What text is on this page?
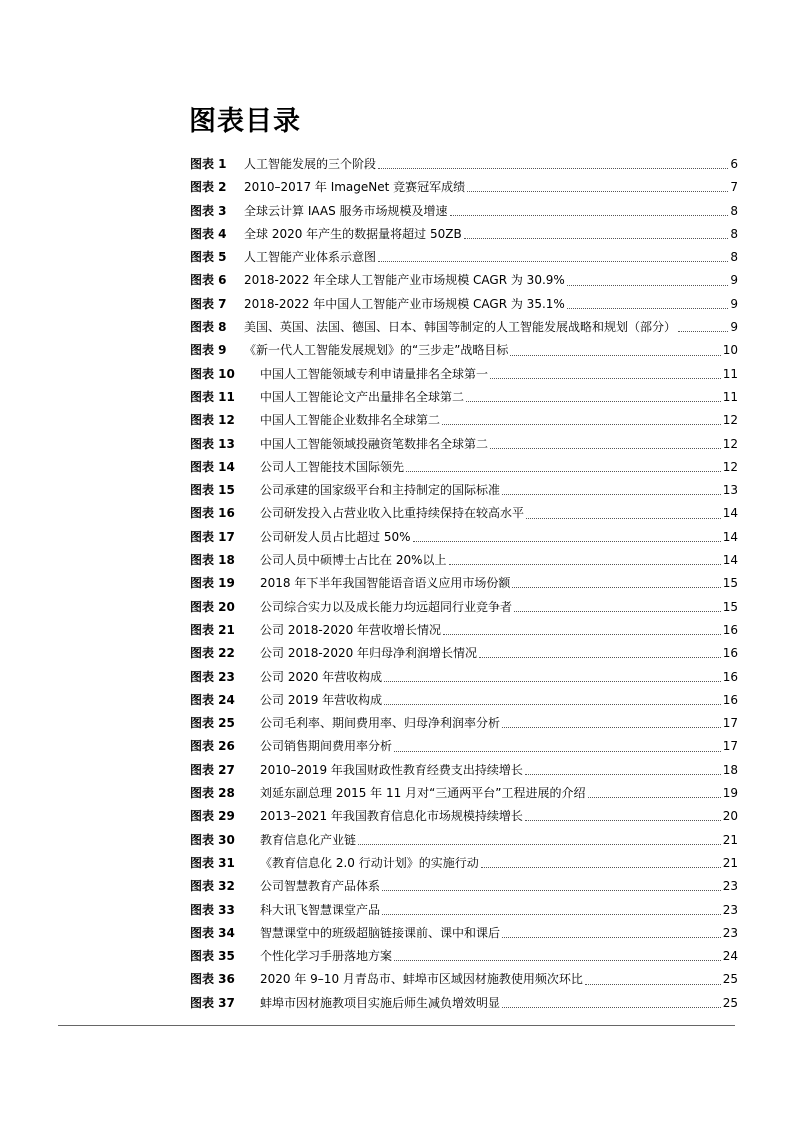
图表目录
图表 1	人工智能发展的三个阶段	6
图表 2	2010–2017 年 ImageNet 竞赛冠军成绩	7
图表 3	全球云计算 IAAS 服务市场规模及增速	8
图表 4	全球 2020 年产生的数据量将超过 50ZB	8
图表 5	人工智能产业体系示意图	8
图表 6	2018-2022 年全球人工智能产业市场规模 CAGR 为 30.9%	9
图表 7	2018-2022 年中国人工智能产业市场规模 CAGR 为 35.1%	9
图表 8	美国、英国、法国、德国、日本、韩国等制定的人工智能发展战略和规划（部分）	9
图表 9	《新一代人工智能发展规划》的“三步走”战略目标	10
图表 10	中国人工智能领域专利申请量排名全球第一	11
图表 11	中国人工智能论文产出量排名全球第二	11
图表 12	中国人工智能企业数排名全球第二	12
图表 13	中国人工智能领域投融资笔数排名全球第二	12
图表 14	公司人工智能技术国际领先	12
图表 15	公司承建的国家级平台和主持制定的国际标准	13
图表 16	公司研发投入占营业收入比重持续保持在较高水平	14
图表 17	公司研发人员占比超过 50%	14
图表 18	公司人员中硕博士占比在 20%以上	14
图表 19	2018 年下半年我国智能语音语义应用市场份额	15
图表 20	公司综合实力以及成长能力均远超同行业竞争者	15
图表 21	公司 2018-2020 年营收增长情况	16
图表 22	公司 2018-2020 年归母净利润增长情况	16
图表 23	公司 2020 年营收构成	16
图表 24	公司 2019 年营收构成	16
图表 25	公司毛利率、期间费用率、归母净利润率分析	17
图表 26	公司销售期间费用率分析	17
图表 27	2010–2019 年我国财政性教育经费支出持续增长	18
图表 28	刘延东副总理 2015 年 11 月对“三通两平台”工程进展的介绍	19
图表 29	2013–2021 年我国教育信息化市场规模持续增长	20
图表 30	教育信息化产业链	21
图表 31	《教育信息化 2.0 行动计划》的实施行动	21
图表 32	公司智慧教育产品体系	23
图表 33	科大讯飞智慧课堂产品	23
图表 34	智慧课堂中的班级超脑链接课前、课中和课后	23
图表 35	个性化学习手册落地方案	24
图表 36	2020 年 9–10 月青岛市、蚌埠市区域因材施教使用频次环比	25
图表 37	蚌埠市因材施教项目实施后师生减负增效明显	25
